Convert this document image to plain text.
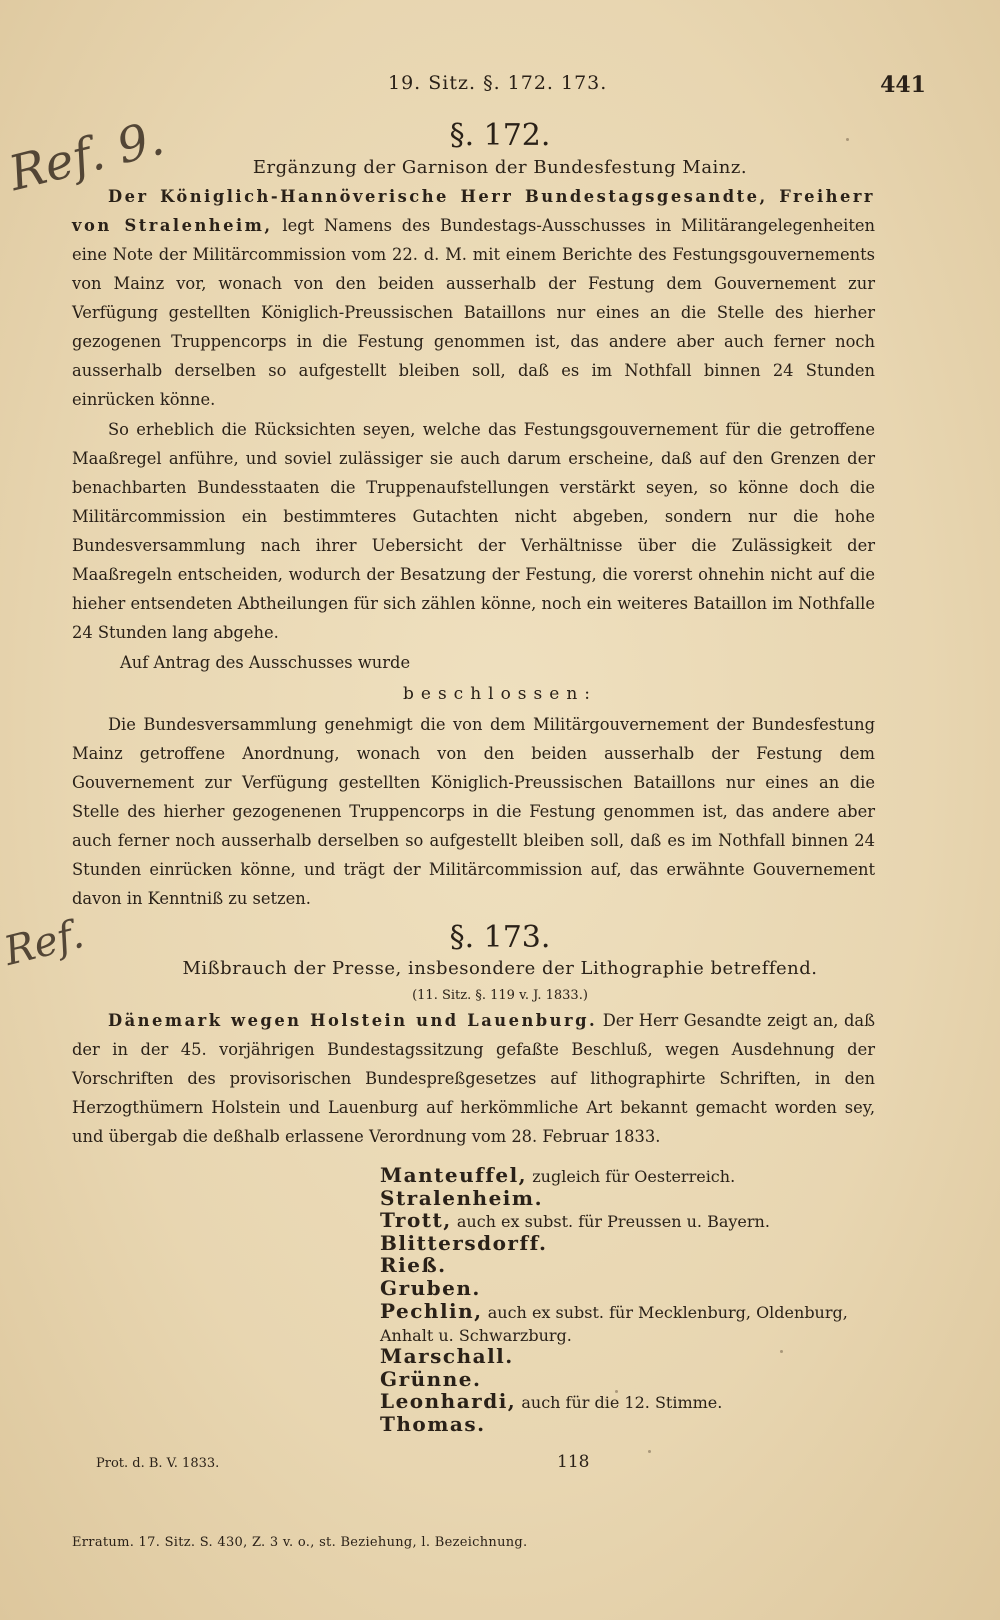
19. Sitz. §. 172. 173.	441
Ref. 9.
Ref.
§. 172.
Ergänzung der Garnison der Bundesfestung Mainz.

Der Königlich-Hannöverische Herr Bundestagsgesandte, Freiherr von Stralenheim, legt Namens des Bundestags-Ausschusses in Militärangelegenheiten eine Note der Militärcommission vom 22. d. M. mit einem Berichte des Festungsgouvernements von Mainz vor, wonach von den beiden ausserhalb der Festung dem Gouvernement zur Verfügung gestellten Königlich-Preussischen Bataillons nur eines an die Stelle des hierher gezogenen Truppencorps in die Festung genommen ist, das andere aber auch ferner noch ausserhalb derselben so aufgestellt bleiben soll, daß es im Nothfall binnen 24 Stunden einrücken könne.

So erheblich die Rücksichten seyen, welche das Festungsgouvernement für die getroffene Maaßregel anführe, und soviel zulässiger sie auch darum erscheine, daß auf den Grenzen der benachbarten Bundesstaaten die Truppenaufstellungen verstärkt seyen, so könne doch die Militärcommission ein bestimmteres Gutachten nicht abgeben, sondern nur die hohe Bundesversammlung nach ihrer Uebersicht der Verhältnisse über die Zulässigkeit der Maaßregeln entscheiden, wodurch der Besatzung der Festung, die vorerst ohnehin nicht auf die hieher entsendeten Abtheilungen für sich zählen könne, noch ein weiteres Bataillon im Nothfalle 24 Stunden lang abgehe.

Auf Antrag des Ausschusses wurde
beschlossen:

Die Bundesversammlung genehmigt die von dem Militärgouvernement der Bundesfestung Mainz getroffene Anordnung, wonach von den beiden ausserhalb der Festung dem Gouvernement zur Verfügung gestellten Königlich-Preussischen Bataillons nur eines an die Stelle des hierher gezogenenen Truppencorps in die Festung genommen ist, das andere aber auch ferner noch ausserhalb derselben so aufgestellt bleiben soll, daß es im Nothfall binnen 24 Stunden einrücken könne, und trägt der Militärcommission auf, das erwähnte Gouvernement davon in Kenntniß zu setzen.

§. 173.
Mißbrauch der Presse, insbesondere der Lithographie betreffend.
(11. Sitz. §. 119 v. J. 1833.)

Dänemark wegen Holstein und Lauenburg. Der Herr Gesandte zeigt an, daß der in der 45. vorjährigen Bundestagssitzung gefaßte Beschluß, wegen Ausdehnung der Vorschriften des provisorischen Bundespreßgesetzes auf lithographirte Schriften, in den Herzogthümern Holstein und Lauenburg auf herkömmliche Art bekannt gemacht worden sey, und übergab die deßhalb erlassene Verordnung vom 28. Februar 1833.

Manteuffel, zugleich für Oesterreich.
Stralenheim.
Trott, auch ex subst. für Preussen u. Bayern.
Blittersdorff.
Rieß.
Gruben.
Pechlin, auch ex subst. für Mecklenburg, Oldenburg,
Anhalt u. Schwarzburg.
Marschall.
Grünne.
Leonhardi, auch für die 12. Stimme.
Thomas.
Prot. d. B. V. 1833.	118
Erratum. 17. Sitz. S. 430, Z. 3 v. o., st. Beziehung, l. Bezeichnung.
